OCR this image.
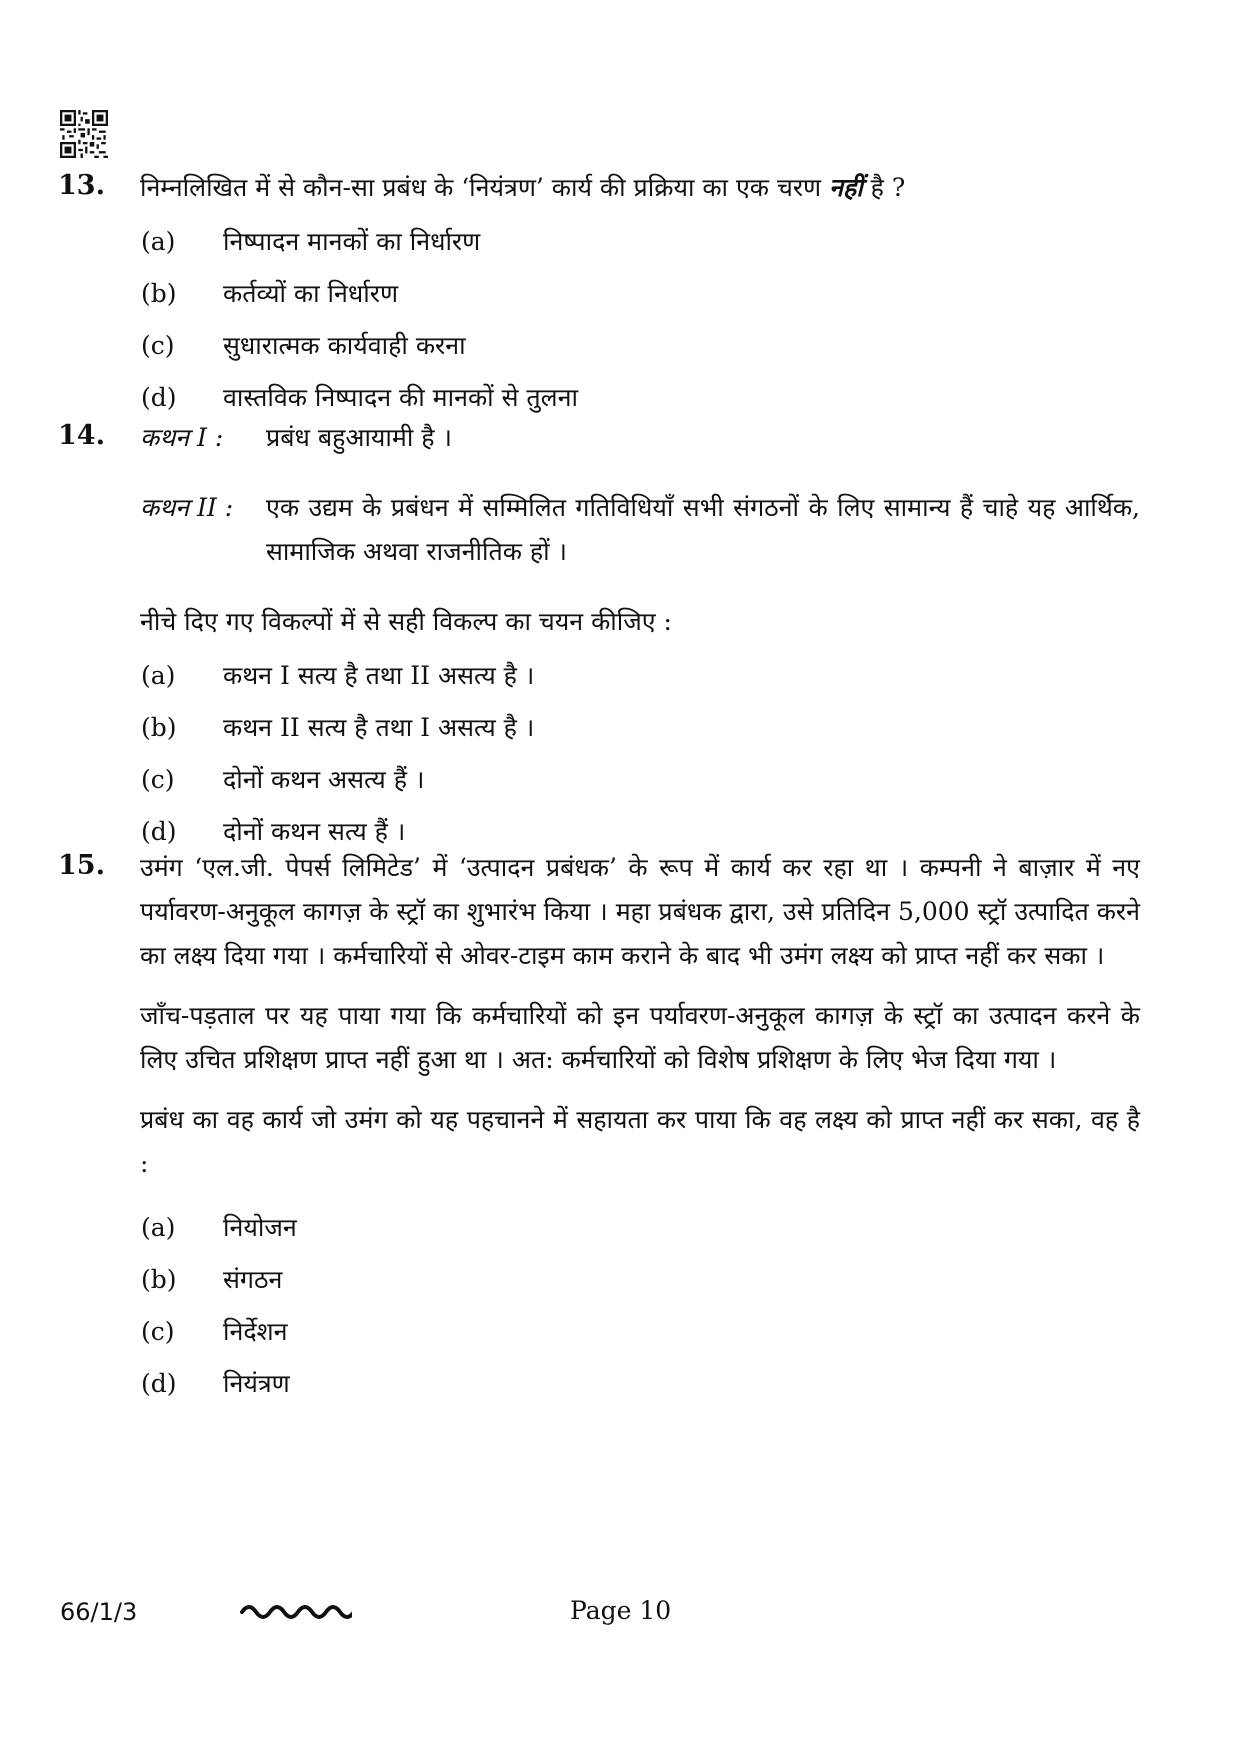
13. निम्नलिखित में से कौन-सा प्रबंध के ‘नियंत्रण’ कार्य की प्रक्रिया का एक चरण नहीं है ?

(a)	निष्पादन मानकों का निर्धारण
(b)	कर्तव्यों का निर्धारण
(c)	सुधारात्मक कार्यवाही करना
(d)	वास्तविक निष्पादन की मानकों से तुलना
14. कथन I :	प्रबंध बहुआयामी है ।
कथन II :	एक उद्यम के प्रबंधन में सम्मिलित गतिविधियाँ सभी संगठनों के लिए सामान्य हैं चाहे यह आर्थिक, सामाजिक अथवा राजनीतिक हों ।

नीचे दिए गए विकल्पों में से सही विकल्प का चयन कीजिए :

(a)	कथन I सत्य है तथा II असत्य है ।
(b)	कथन II सत्य है तथा I असत्य है ।
(c)	दोनों कथन असत्य हैं ।
(d)	दोनों कथन सत्य हैं ।
15. उमंग ‘एल.जी. पेपर्स लिमिटेड’ में ‘उत्पादन प्रबंधक’ के रूप में कार्य कर रहा था । कम्पनी ने बाज़ार में नए पर्यावरण-अनुकूल कागज़ के स्ट्रॉ का शुभारंभ किया । महा प्रबंधक द्वारा, उसे प्रतिदिन 5,000 स्ट्रॉ उत्पादित करने का लक्ष्य दिया गया । कर्मचारियों से ओवर-टाइम काम कराने के बाद भी उमंग लक्ष्य को प्राप्त नहीं कर सका ।

जाँच-पड़ताल पर यह पाया गया कि कर्मचारियों को इन पर्यावरण-अनुकूल कागज़ के स्ट्रॉ का उत्पादन करने के लिए उचित प्रशिक्षण प्राप्त नहीं हुआ था । अत: कर्मचारियों को विशेष प्रशिक्षण के लिए भेज दिया गया ।

प्रबंध का वह कार्य जो उमंग को यह पहचानने में सहायता कर पाया कि वह लक्ष्य को प्राप्त नहीं कर सका, वह है :

(a)	नियोजन
(b)	संगठन
(c)	निर्देशन
(d)	नियंत्रण
66/1/3	Page 10
